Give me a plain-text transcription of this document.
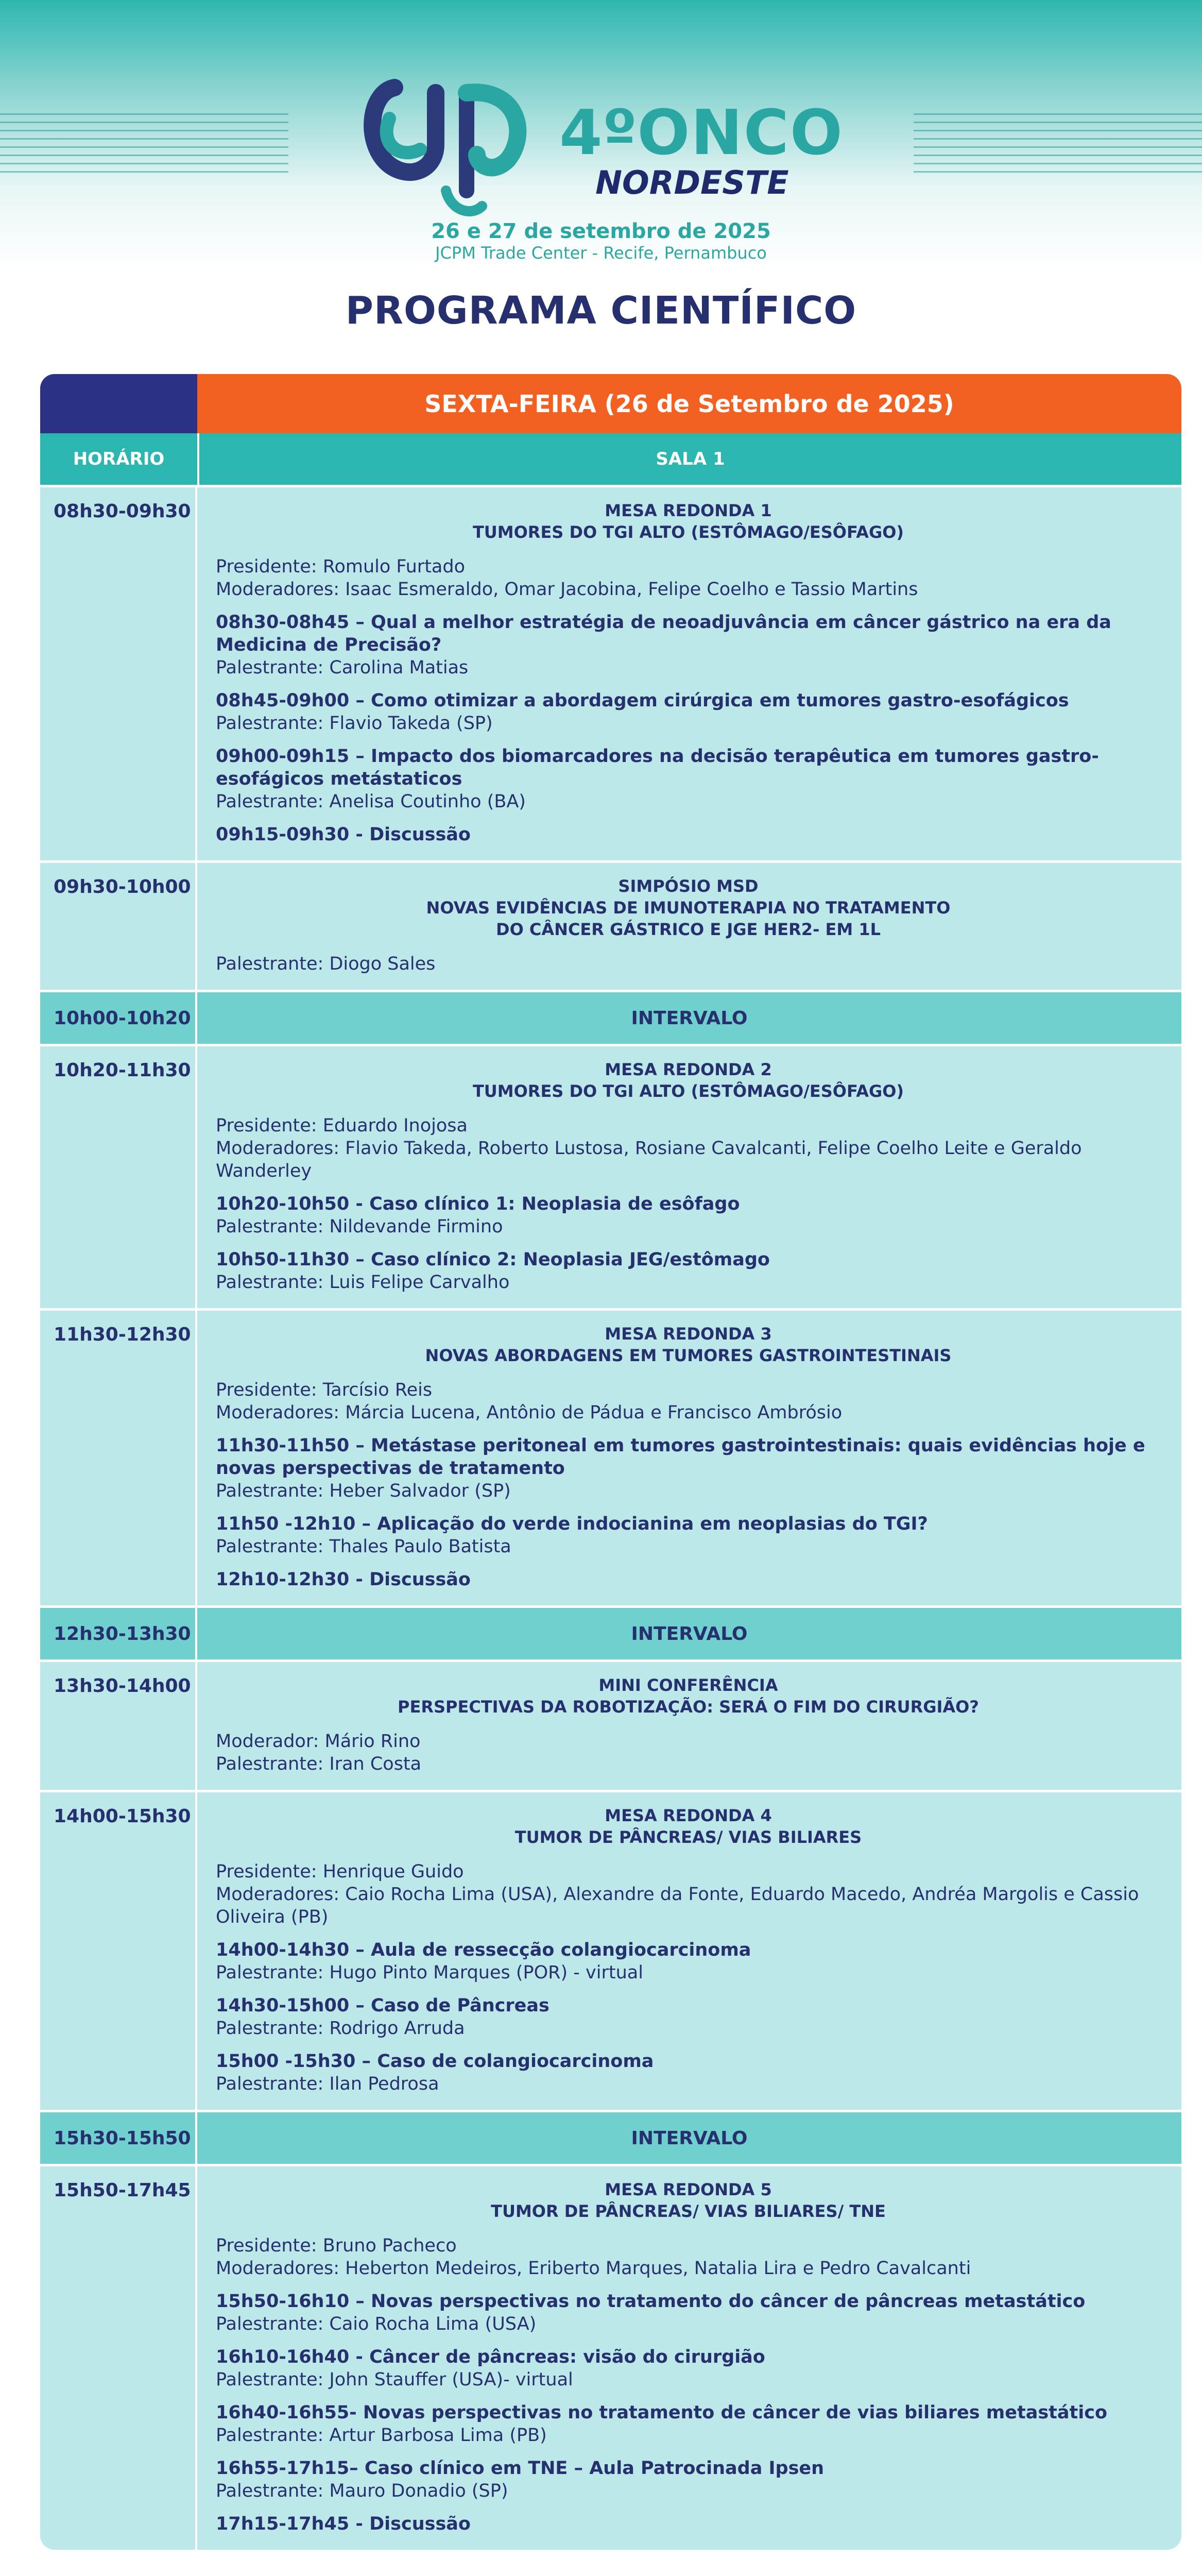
4ºONCO
NORDESTE
26 e 27 de setembro de 2025
JCPM Trade Center - Recife, Pernambuco
PROGRAMA CIENTÍFICO
SEXTA-FEIRA (26 de Setembro de 2025)
HORÁRIO	SALA 1
08h30-09h30	MESA REDONDA 1
TUMORES DO TGI ALTO (ESTÔMAGO/ESÔFAGO)
Presidente: Romulo Furtado
Moderadores: Isaac Esmeraldo, Omar Jacobina, Felipe Coelho e Tassio Martins
08h30-08h45 – Qual a melhor estratégia de neoadjuvância em câncer gástrico na era da Medicina de Precisão?
Palestrante: Carolina Matias
08h45-09h00 – Como otimizar a abordagem cirúrgica em tumores gastro-esofágicos
Palestrante: Flavio Takeda (SP)
09h00-09h15 – Impacto dos biomarcadores na decisão terapêutica em tumores gastro-esofágicos metástaticos
Palestrante: Anelisa Coutinho (BA)
09h15-09h30 - Discussão
09h30-10h00	SIMPÓSIO MSD
NOVAS EVIDÊNCIAS DE IMUNOTERAPIA NO TRATAMENTO
DO CÂNCER GÁSTRICO E JGE HER2- EM 1L
Palestrante: Diogo Sales
10h00-10h20	INTERVALO
10h20-11h30	MESA REDONDA 2
TUMORES DO TGI ALTO (ESTÔMAGO/ESÔFAGO)
Presidente: Eduardo Inojosa
Moderadores: Flavio Takeda, Roberto Lustosa, Rosiane Cavalcanti, Felipe Coelho Leite e Geraldo Wanderley
10h20-10h50 - Caso clínico 1: Neoplasia de esôfago
Palestrante: Nildevande Firmino
10h50-11h30 – Caso clínico 2: Neoplasia JEG/estômago
Palestrante: Luis Felipe Carvalho
11h30-12h30	MESA REDONDA 3
NOVAS ABORDAGENS EM TUMORES GASTROINTESTINAIS
Presidente: Tarcísio Reis
Moderadores: Márcia Lucena, Antônio de Pádua e Francisco Ambrósio
11h30-11h50 – Metástase peritoneal em tumores gastrointestinais: quais evidências hoje e novas perspectivas de tratamento
Palestrante: Heber Salvador (SP)
11h50 -12h10 – Aplicação do verde indocianina em neoplasias do TGI?
Palestrante: Thales Paulo Batista
12h10-12h30 - Discussão
12h30-13h30	INTERVALO
13h30-14h00	MINI CONFERÊNCIA
PERSPECTIVAS DA ROBOTIZAÇÃO: SERÁ O FIM DO CIRURGIÃO?
Moderador: Mário Rino
Palestrante: Iran Costa
14h00-15h30	MESA REDONDA 4
TUMOR DE PÂNCREAS/ VIAS BILIARES
Presidente: Henrique Guido
Moderadores: Caio Rocha Lima (USA), Alexandre da Fonte, Eduardo Macedo, Andréa Margolis e Cassio Oliveira (PB)
14h00-14h30 – Aula de ressecção colangiocarcinoma
Palestrante: Hugo Pinto Marques (POR) - virtual
14h30-15h00 – Caso de Pâncreas
Palestrante: Rodrigo Arruda
15h00 -15h30 – Caso de colangiocarcinoma
Palestrante: Ilan Pedrosa
15h30-15h50	INTERVALO
15h50-17h45	MESA REDONDA 5
TUMOR DE PÂNCREAS/ VIAS BILIARES/ TNE
Presidente: Bruno Pacheco
Moderadores: Heberton Medeiros, Eriberto Marques, Natalia Lira e Pedro Cavalcanti
15h50-16h10 – Novas perspectivas no tratamento do câncer de pâncreas metastático
Palestrante: Caio Rocha Lima (USA)
16h10-16h40 - Câncer de pâncreas: visão do cirurgião
Palestrante: John Stauffer (USA)- virtual
16h40-16h55- Novas perspectivas no tratamento de câncer de vias biliares metastático
Palestrante: Artur Barbosa Lima (PB)
16h55-17h15– Caso clínico em TNE – Aula Patrocinada Ipsen
Palestrante: Mauro Donadio (SP)
17h15-17h45 - Discussão
